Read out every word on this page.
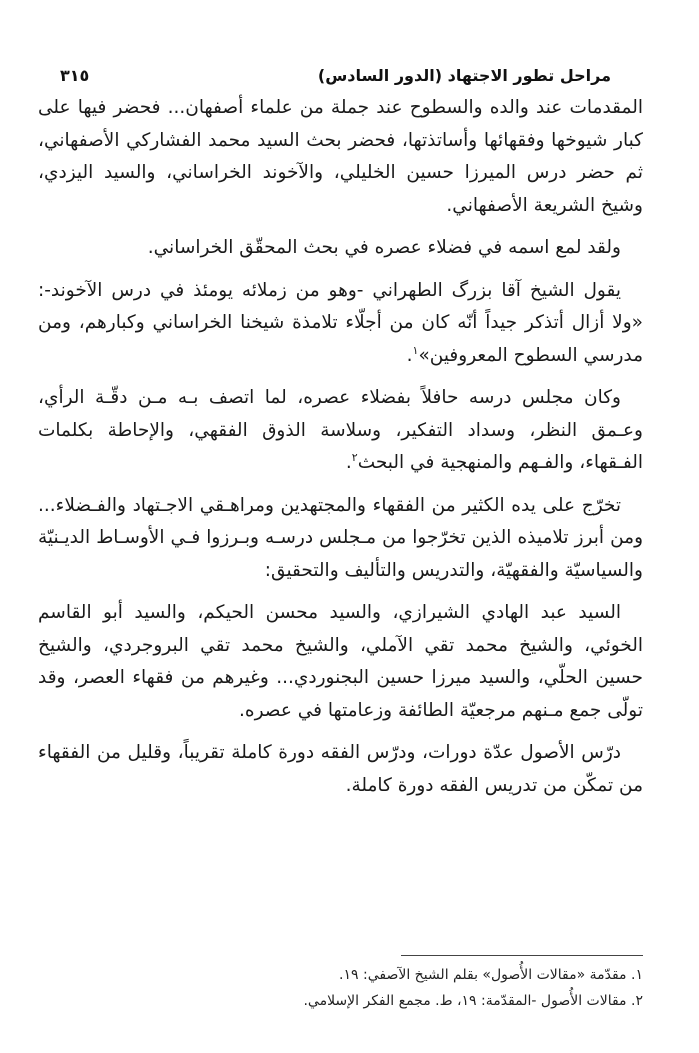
مراحل تطور الاجتهاد (الدور السادس)
٣١٥

المقدمات عند والده والسطوح عند جملة من علماء أصفهان... فحضر فيها على كبار شيوخها وفقهائها وأساتذتها، فحضر بحث السيد محمد الفشاركي الأصفهاني، ثم حضر درس الميرزا حسين الخليلي، والآخوند الخراساني، والسيد اليزدي، وشيخ الشريعة الأصفهاني.

ولقد لمع اسمه في فضلاء عصره في بحث المحقّق الخراساني.

يقول الشيخ آقا بزرگ الطهراني -وهو من زملائه يومئذ في درس الآخوند-: «ولا أزال أتذكر جيداً أنّه كان من أجلّاء تلامذة شيخنا الخراساني وكبارهم، ومن مدرسي السطوح المعروفين»$^١$.

وكان مجلس درسه حافلاً بفضلاء عصره، لما اتصف بـه مـن دقّـة الرأي، وعـمق النظر، وسداد التفكير، وسلاسة الذوق الفقهي، والإحاطة بكلمات الفـقهاء، والفـهم والمنهجية في البحث$^٢$.

تخرّج على يده الكثير من الفقهاء والمجتهدين ومراهـقي الاجـتهاد والفـضلاء... ومن أبرز تلاميذه الذين تخرّجوا من مـجلس درسـه وبـرزوا فـي الأوسـاط الديـنيّة والسياسيّة والفقهيّة، والتدريس والتأليف والتحقيق:

السيد عبد الهادي الشيرازي، والسيد محسن الحيكم، والسيد أبو القاسم الخوئي، والشيخ محمد تقي الآملي، والشيخ محمد تقي البروجردي، والشيخ حسين الحلّي، والسيد ميرزا حسين البجنوردي... وغيرهم من فقهاء العصر، وقد تولّى جمع مـنهم مرجعيّة الطائفة وزعامتها في عصره.

درّس الأصول عدّة دورات، ودرّس الفقه دورة كاملة تقريباً، وقليل من الفقهاء من تمكّن من تدريس الفقه دورة كاملة.

١. مقدّمة «مقالات الأُصول» بقلم الشيخ الآصفي: ١٩.

٢. مقالات الأُصول -المقدّمة: ١٩، ط. مجمع الفكر الإسلامي.
